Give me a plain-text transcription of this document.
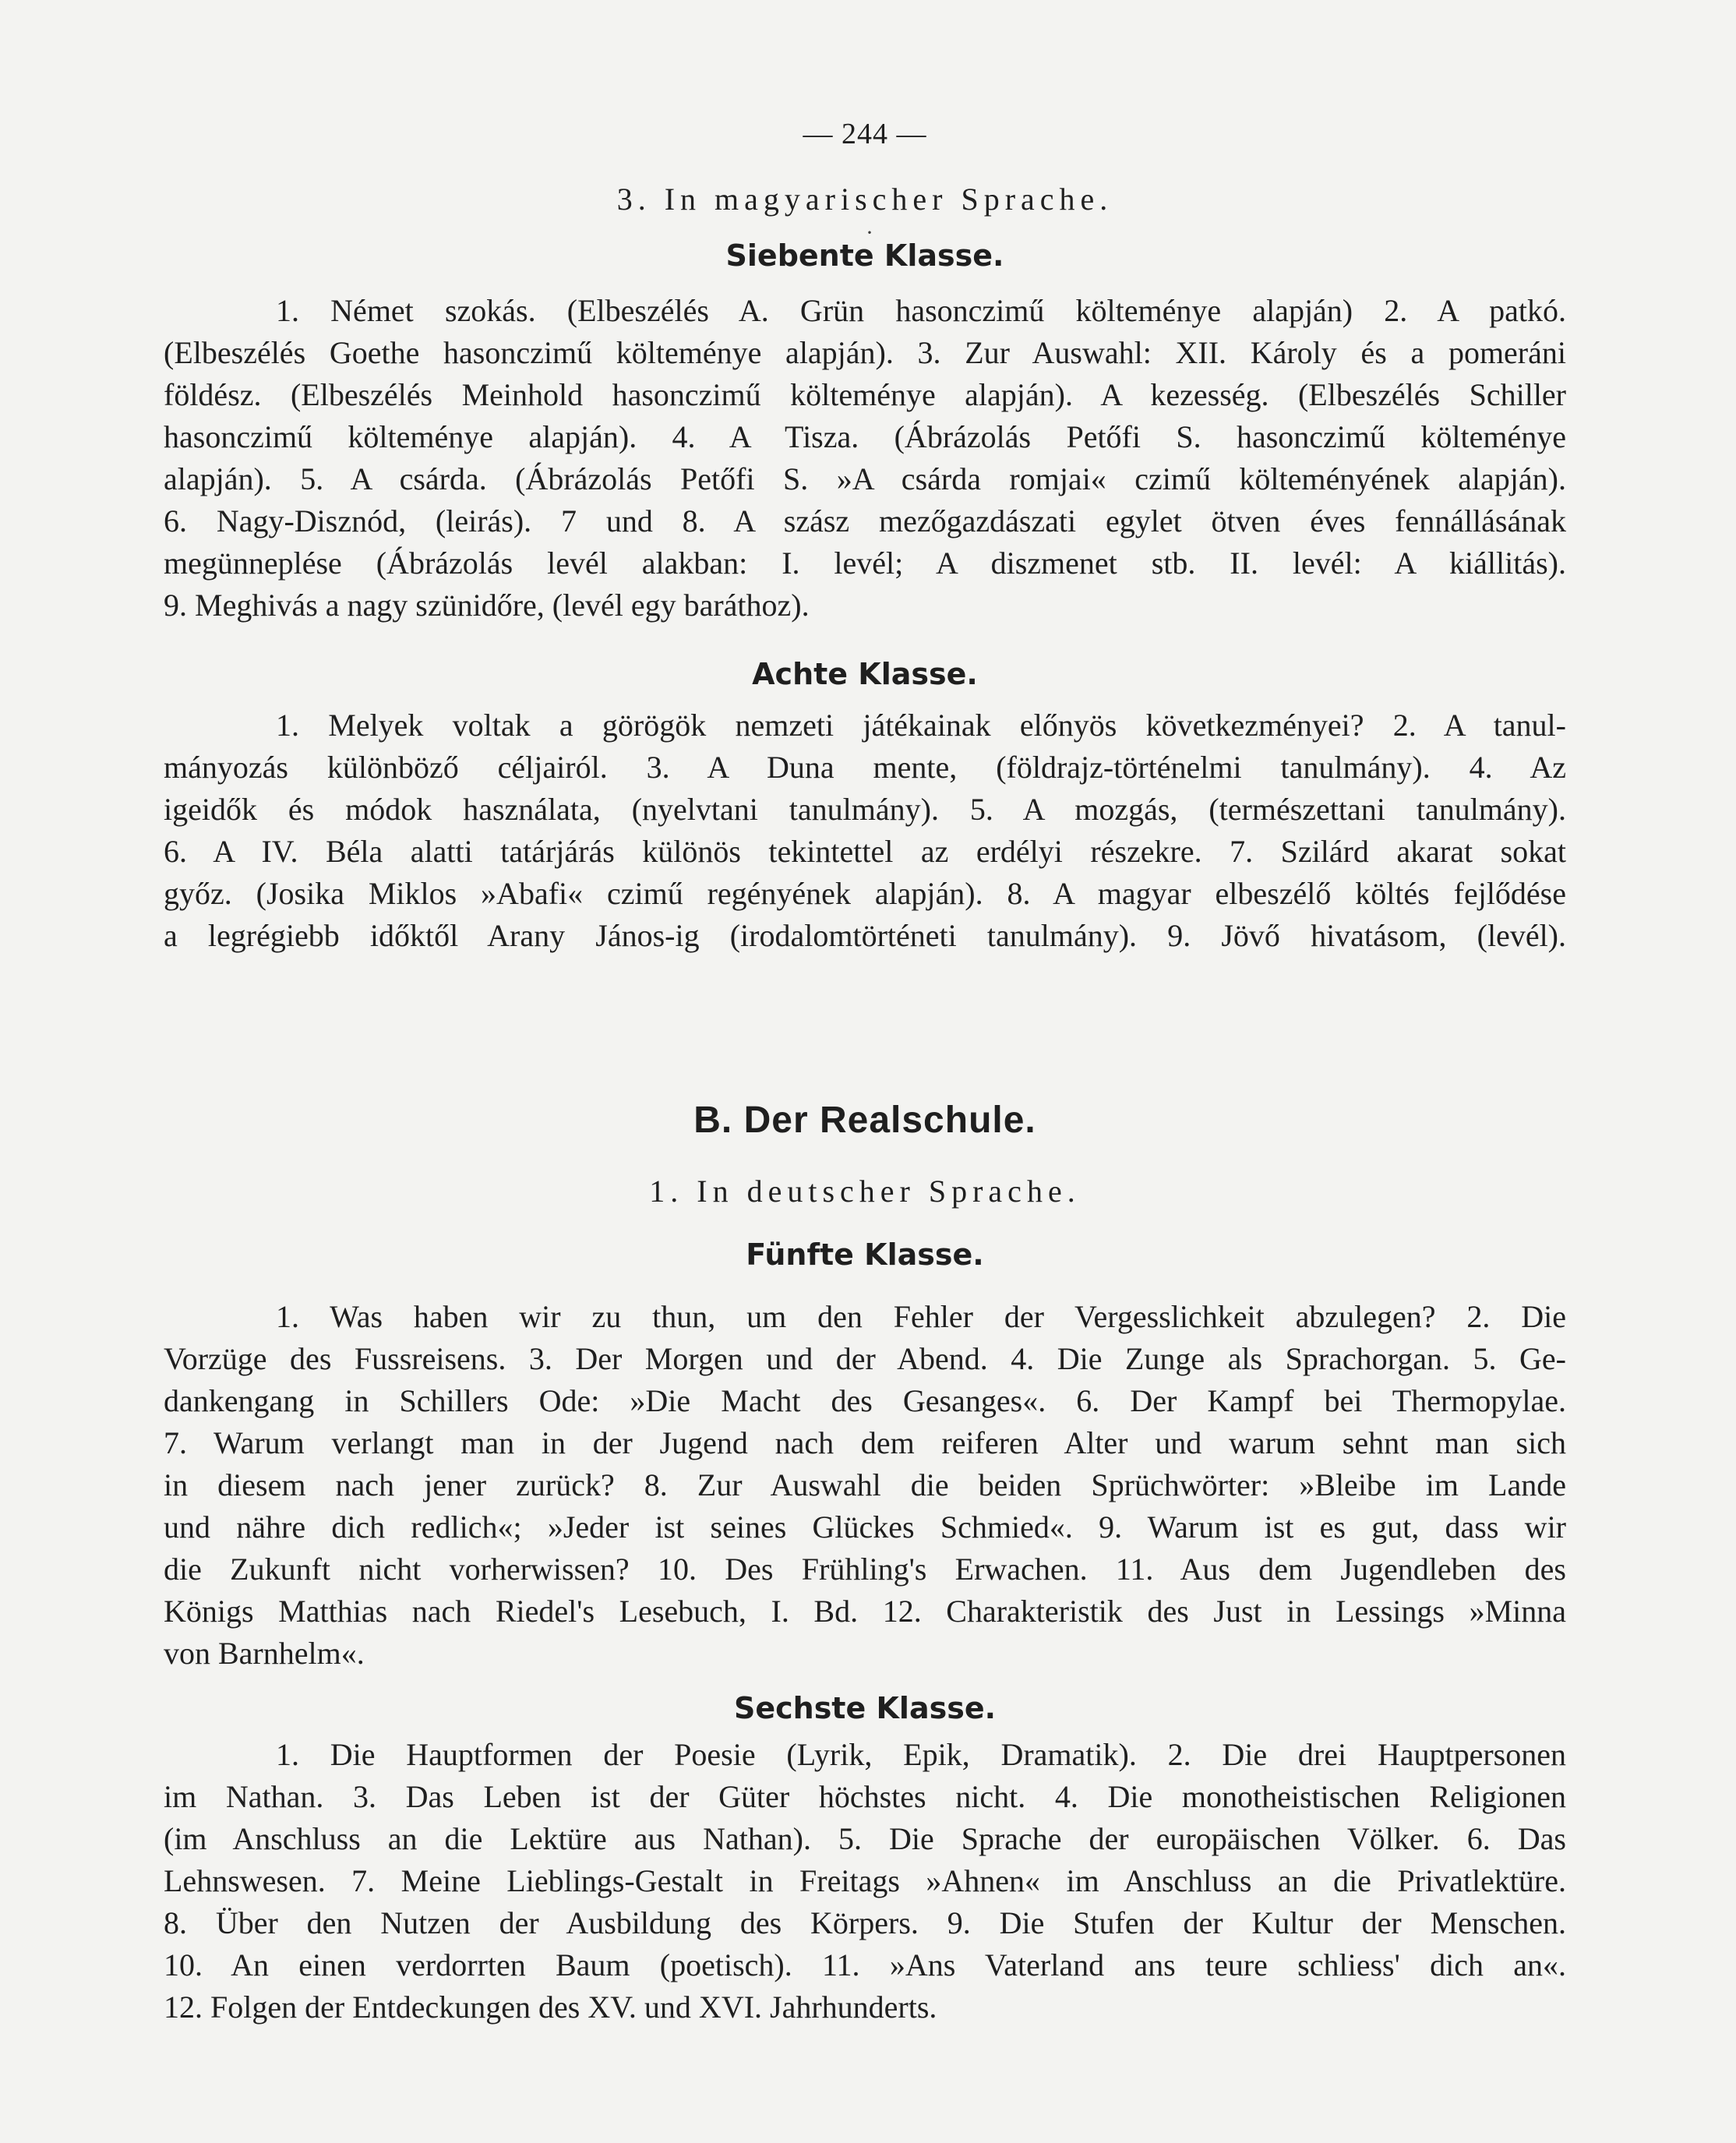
— 244 —
3. In magyarischer Sprache.
·
Siebente Klasse.
1. Német szokás. (Elbeszélés A. Grün hasonczimű költeménye alapján) 2. A patkó.
(Elbeszélés Goethe hasonczimű költeménye alapján). 3. Zur Auswahl: XII. Károly és a pomeráni
földész. (Elbeszélés Meinhold hasonczimű költeménye alapján). A kezesség. (Elbeszélés Schiller
hasonczimű költeménye alapján). 4. A Tisza. (Ábrázolás Petőfi S. hasonczimű költeménye
alapján). 5. A csárda. (Ábrázolás Petőfi S. »A csárda romjai« czimű költeményének alapján).
6. Nagy-Disznód, (leirás). 7 und 8. A szász mezőgazdászati egylet ötven éves fennállásának
megünneplése (Ábrázolás levél alakban: I. levél; A diszmenet stb. II. levél: A kiállitás).
9. Meghivás a nagy szünidőre, (levél egy baráthoz).
Achte Klasse.
1. Melyek voltak a görögök nemzeti játékainak előnyös következményei? 2. A tanul-
mányozás különböző céljairól. 3. A Duna mente, (földrajz-történelmi tanulmány). 4. Az
igeidők és módok használata, (nyelvtani tanulmány). 5. A mozgás, (természettani tanulmány).
6. A IV. Béla alatti tatárjárás különös tekintettel az erdélyi részekre. 7. Szilárd akarat sokat
győz. (Josika Miklos »Abafi« czimű regényének alapján). 8. A magyar elbeszélő költés fejlődése
a legrégiebb időktől Arany János-ig (irodalomtörténeti tanulmány). 9. Jövő hivatásom, (levél).
B. Der Realschule.
1. In deutscher Sprache.
Fünfte Klasse.
1. Was haben wir zu thun, um den Fehler der Vergesslichkeit abzulegen? 2. Die
Vorzüge des Fussreisens. 3. Der Morgen und der Abend. 4. Die Zunge als Sprachorgan. 5. Ge-
dankengang in Schillers Ode: »Die Macht des Gesanges«. 6. Der Kampf bei Thermopylae.
7. Warum verlangt man in der Jugend nach dem reiferen Alter und warum sehnt man sich
in diesem nach jener zurück? 8. Zur Auswahl die beiden Sprüchwörter: »Bleibe im Lande
und nähre dich redlich«; »Jeder ist seines Glückes Schmied«. 9. Warum ist es gut, dass wir
die Zukunft nicht vorherwissen? 10. Des Frühling's Erwachen. 11. Aus dem Jugendleben des
Königs Matthias nach Riedel's Lesebuch, I. Bd. 12. Charakteristik des Just in Lessings »Minna
von Barnhelm«.
Sechste Klasse.
1. Die Hauptformen der Poesie (Lyrik, Epik, Dramatik). 2. Die drei Hauptpersonen
im Nathan. 3. Das Leben ist der Güter höchstes nicht. 4. Die monotheistischen Religionen
(im Anschluss an die Lektüre aus Nathan). 5. Die Sprache der europäischen Völker. 6. Das
Lehnswesen. 7. Meine Lieblings-Gestalt in Freitags »Ahnen« im Anschluss an die Privatlektüre.
8. Über den Nutzen der Ausbildung des Körpers. 9. Die Stufen der Kultur der Menschen.
10. An einen verdorrten Baum (poetisch). 11. »Ans Vaterland ans teure schliess' dich an«.
12. Folgen der Entdeckungen des XV. und XVI. Jahrhunderts.
